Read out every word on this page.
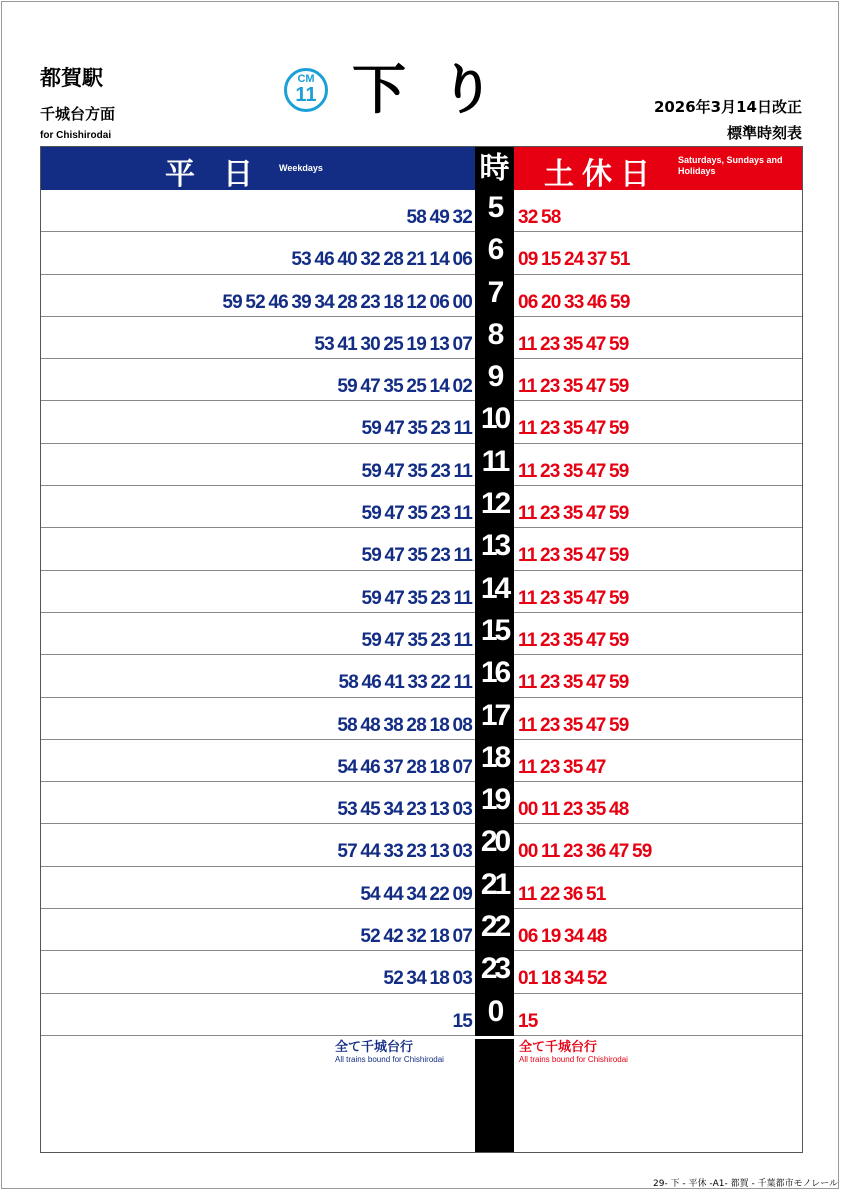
都賀駅
千城台方面
for Chishirodai
CM
11 下り	2026年3月14日改正
標準時刻表
平日
Weekdays	時 土休日 Saturdays, Sundays and Holidays
58 49 32 5 32 58
53 46 40 32 28 21 14 06 6 09 15 24 37 51
59 52 46 39 34 28 23 18 12 06 00 7 06 20 33 46 59
53 41 30 25 19 13 07 8 11 23 35 47 59
59 47 35 25 14 02 9 11 23 35 47 59
59 47 35 23 11 10 11 23 35 47 59
59 47 35 23 11 11 11 23 35 47 59
59 47 35 23 11 12 11 23 35 47 59
59 47 35 23 11 13 11 23 35 47 59
59 47 35 23 11 14 11 23 35 47 59
59 47 35 23 11 15 11 23 35 47 59
58 46 41 33 22 11 16 11 23 35 47 59
58 48 38 28 18 08 17 11 23 35 47 59
54 46 37 28 18 07 18 11 23 35 47
53 45 34 23 13 03 19 00 11 23 35 48
57 44 33 23 13 03 20 00 11 23 36 47 59
54 44 34 22 09 21 11 22 36 51
52 42 32 18 07 22 06 19 34 48
52 34 18 03 23 01 18 34 52
15 0 15
全て千城台行
All trains bound for Chishirodai
全て千城台行
All trains bound for Chishirodai
29- 下 - 平休 -A1- 都賀 - 千葉都市モノレール
